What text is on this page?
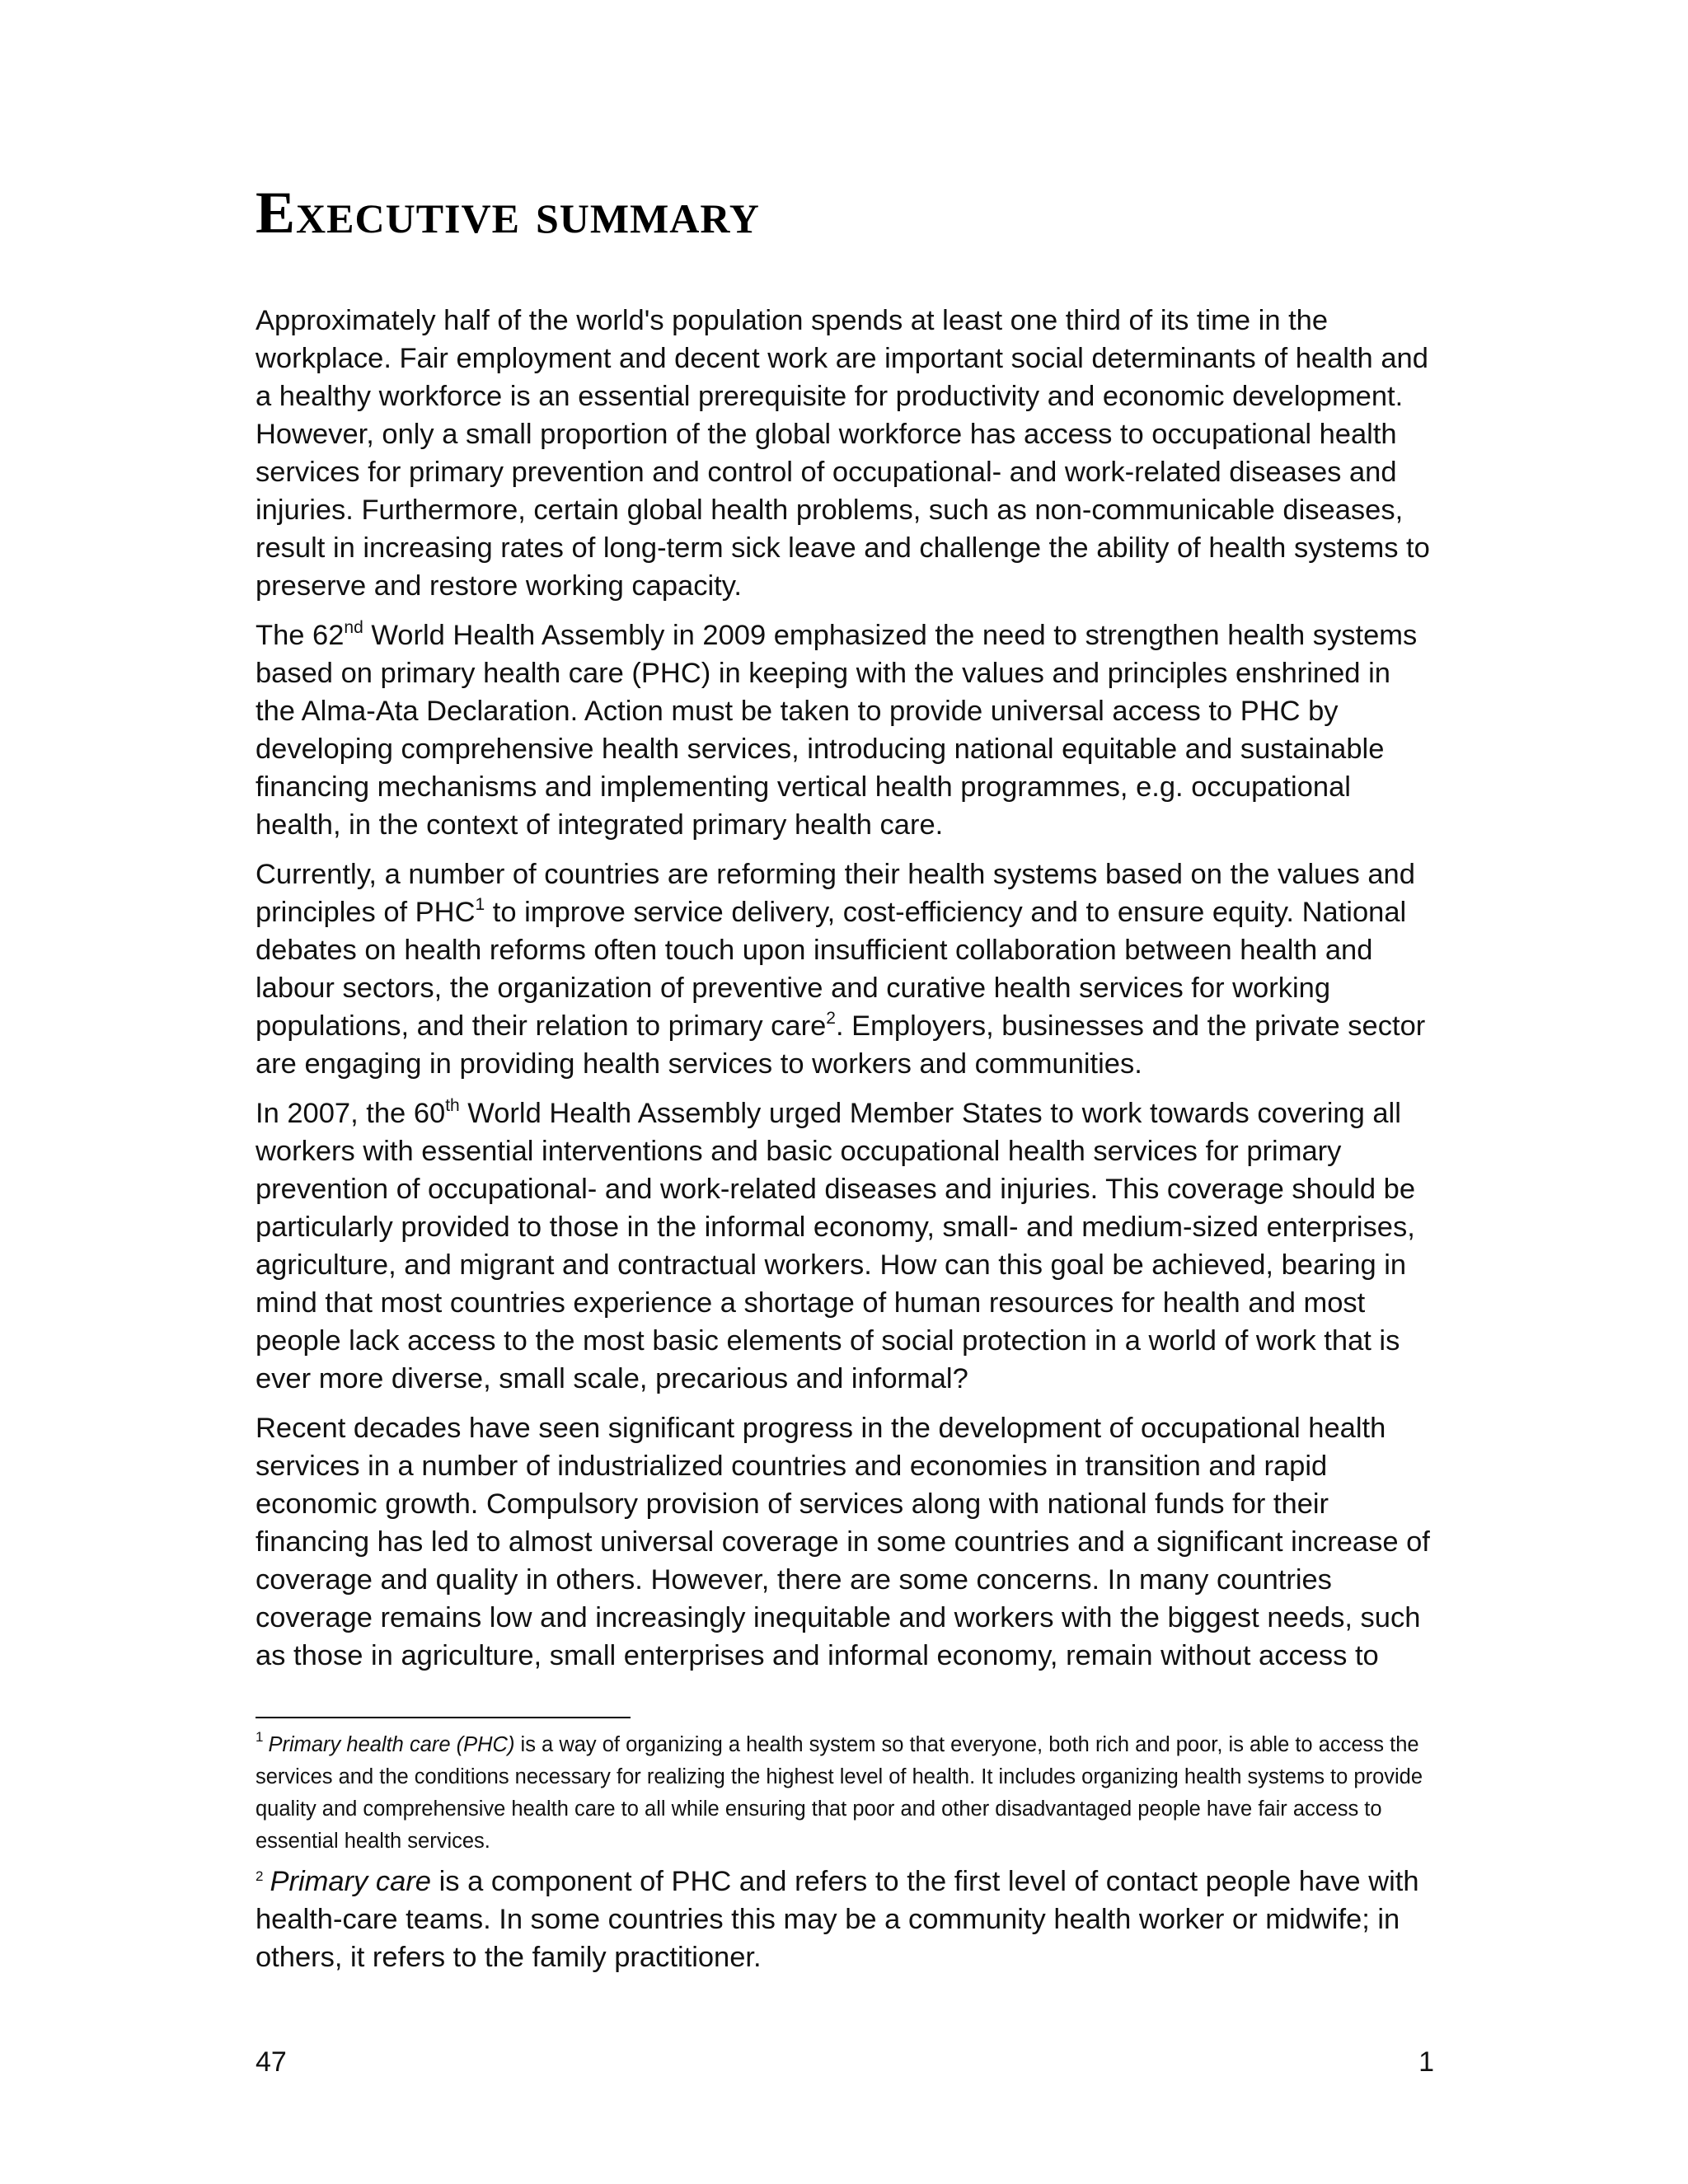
Executive summary

Approximately half of the world's population spends at least one third of its time in the workplace. Fair employment and decent work are important social determinants of health and a healthy workforce is an essential prerequisite for productivity and economic development. However, only a small proportion of the global workforce has access to occupational health services for primary prevention and control of occupational- and work-related diseases and injuries. Furthermore, certain global health problems, such as non-communicable diseases, result in increasing rates of long-term sick leave and challenge the ability of health systems to preserve and restore working capacity.

The 62nd World Health Assembly in 2009 emphasized the need to strengthen health systems based on primary health care (PHC) in keeping with the values and principles enshrined in the Alma-Ata Declaration. Action must be taken to provide universal access to PHC by developing comprehensive health services, introducing national equitable and sustainable financing mechanisms and implementing vertical health programmes, e.g. occupational health, in the context of integrated primary health care.

Currently, a number of countries are reforming their health systems based on the values and principles of PHC$^1$ to improve service delivery, cost-efficiency and to ensure equity. National debates on health reforms often touch upon insufficient collaboration between health and labour sectors, the organization of preventive and curative health services for working populations, and their relation to primary care$^2$. Employers, businesses and the private sector are engaging in providing health services to workers and communities.

In 2007, the 60th World Health Assembly urged Member States to work towards covering all workers with essential interventions and basic occupational health services for primary prevention of occupational- and work-related diseases and injuries. This coverage should be particularly provided to those in the informal economy, small- and medium-sized enterprises, agriculture, and migrant and contractual workers. How can this goal be achieved, bearing in mind that most countries experience a shortage of human resources for health and most people lack access to the most basic elements of social protection in a world of work that is ever more diverse, small scale, precarious and informal?

Recent decades have seen significant progress in the development of occupational health services in a number of industrialized countries and economies in transition and rapid economic growth. Compulsory provision of services along with national funds for their financing has led to almost universal coverage in some countries and a significant increase of coverage and quality in others. However, there are some concerns. In many countries coverage remains low and increasingly inequitable and workers with the biggest needs, such as those in agriculture, small enterprises and informal economy, remain without access to

$^1$ Primary health care (PHC) is a way of organizing a health system so that everyone, both rich and poor, is able to access the services and the conditions necessary for realizing the highest level of health. It includes organizing health systems to provide quality and comprehensive health care to all while ensuring that poor and other disadvantaged people have fair access to essential health services.

$^2$ Primary care is a component of PHC and refers to the first level of contact people have with health-care teams. In some countries this may be a community health worker or midwife; in others, it refers to the family practitioner.

47	1
